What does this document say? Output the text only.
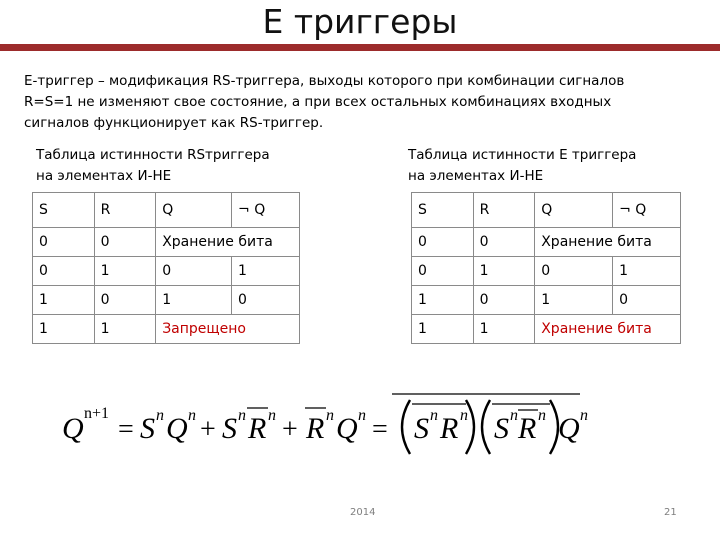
E триггеры
Е-триггер – модификация RS-триггера, выходы которого при комбинации сигналов
R=S=1 не изменяют свое состояние, а при всех остальных комбинациях входных
сигналов функционирует как RS-триггер.
Таблица истинности RSтриггера
на элементах И-НЕ
S	R	Q	¬ Q
0	0	Хранение бита	
0	1	0	1
1	0	1	0
1	1	Запрещено	
Таблица истинности Е триггера
на элементах И-НЕ
S	R	Q	¬ Q
0	0	Хранение бита	
0	1	0	1
1	0	1	0
1	1	Хранение бита	
Q n+1
= S n Q n + S n R n + R n Q n = S n R n S n R n Q n
2014	21
